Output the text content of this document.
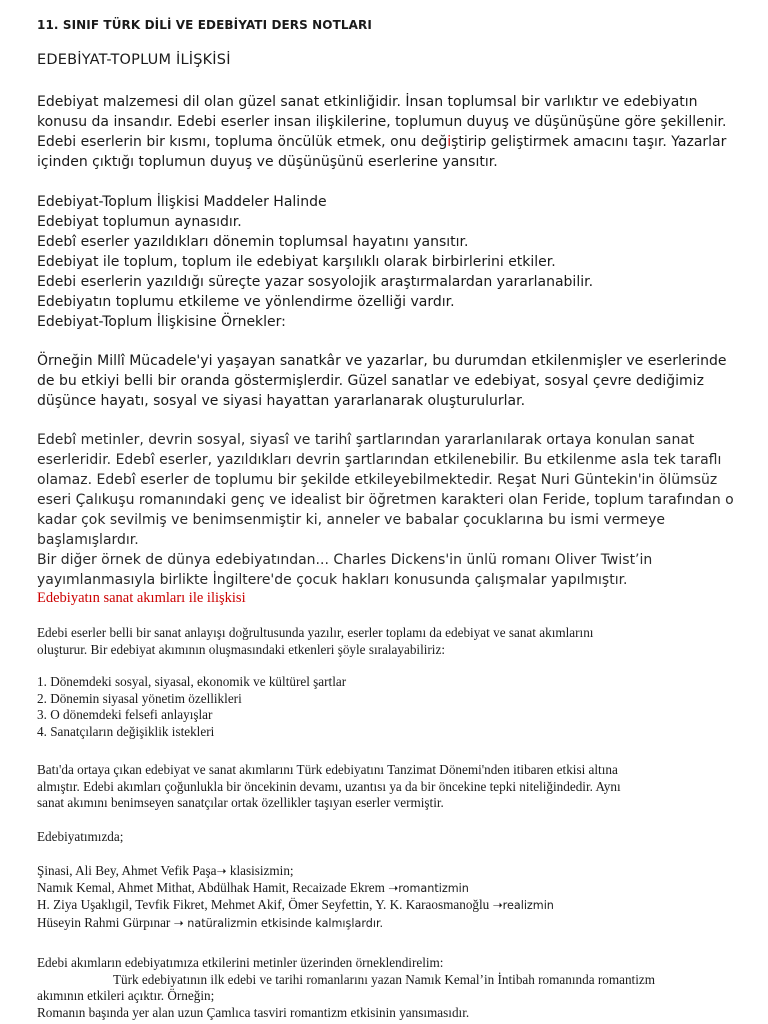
11. SINIF TÜRK DİLİ VE EDEBİYATI DERS NOTLARI
EDEBİYAT-TOPLUM İLİŞKİSİ
Edebiyat malzemesi dil olan güzel sanat etkinliğidir. İnsan toplumsal bir varlıktır ve edebiyatın
konusu da insandır. Edebi eserler insan ilişkilerine, toplumun duyuş ve düşünüşüne göre şekillenir.
Edebi eserlerin bir kısmı, topluma öncülük etmek, onu değiştirip geliştirmek amacını taşır. Yazarlar
içinden çıktığı toplumun duyuş ve düşünüşünü eserlerine yansıtır.
Edebiyat-Toplum İlişkisi Maddeler Halinde
Edebiyat toplumun aynasıdır.
Edebî eserler yazıldıkları dönemin toplumsal hayatını yansıtır.
Edebiyat ile toplum, toplum ile edebiyat karşılıklı olarak birbirlerini etkiler.
Edebi eserlerin yazıldığı süreçte yazar sosyolojik araştırmalardan yararlanabilir.
Edebiyatın toplumu etkileme ve yönlendirme özelliği vardır.
Edebiyat-Toplum İlişkisine Örnekler:
Örneğin Millî Mücadele'yi yaşayan sanatkâr ve yazarlar, bu durumdan etkilenmişler ve eserlerinde
de bu etkiyi belli bir oranda göstermişlerdir. Güzel sanatlar ve edebiyat, sosyal çevre dediğimiz
düşünce hayatı, sosyal ve siyasi hayattan yararlanarak oluşturulurlar.
Edebî metinler, devrin sosyal, siyasî ve tarihî şartlarından yararlanılarak ortaya konulan sanat
eserleridir. Edebî eserler, yazıldıkları devrin şartlarından etkilenebilir. Bu etkilenme asla tek taraflı
olamaz. Edebî eserler de toplumu bir şekilde etkileyebilmektedir. Reşat Nuri Güntekin'in ölümsüz
eseri Çalıkuşu romanındaki genç ve idealist bir öğretmen karakteri olan Feride, toplum tarafından o
kadar çok sevilmiş ve benimsenmiştir ki, anneler ve babalar çocuklarına bu ismi vermeye
başlamışlardır.
Bir diğer örnek de dünya edebiyatından... Charles Dickens'in ünlü romanı Oliver Twist’in
yayımlanmasıyla birlikte İngiltere'de çocuk hakları konusunda çalışmalar yapılmıştır.
Edebiyatın sanat akımları ile ilişkisi
Edebi eserler belli bir sanat anlayışı doğrultusunda yazılır, eserler toplamı da edebiyat ve sanat akımlarını
oluşturur. Bir edebiyat akımının oluşmasındaki etkenleri şöyle sıralayabiliriz:
1. Dönemdeki sosyal, siyasal, ekonomik ve kültürel şartlar
2. Dönemin siyasal yönetim özellikleri
3. O dönemdeki felsefi anlayışlar
4. Sanatçıların değişiklik istekleri
Batı'da ortaya çıkan edebiyat ve sanat akımlarını Türk edebiyatını Tanzimat Dönemi'nden itibaren etkisi altına
almıştır. Edebi akımları çoğunlukla bir öncekinin devamı, uzantısı ya da bir öncekine tepki niteliğindedir. Aynı
sanat akımını benimseyen sanatçılar ortak özellikler taşıyan eserler vermiştir.
Edebiyatımızda;
Şinasi, Ali Bey, Ahmet Vefik Paşa➝ klasisizmin;
Namık Kemal, Ahmet Mithat, Abdülhak Hamit, Recaizade Ekrem ➝romantizmin
H. Ziya Uşaklıgil, Tevfik Fikret, Mehmet Akif, Ömer Seyfettin, Y. K. Karaosmanoğlu ➝realizmin
Hüseyin Rahmi Gürpınar ➝ natüralizmin etkisinde kalmışlardır.
Edebi akımların edebiyatımıza etkilerini metinler üzerinden örneklendirelim:
Türk edebiyatının ilk edebi ve tarihi romanlarını yazan Namık Kemal’in İntibah romanında romantizm
akımının etkileri açıktır. Örneğin;
Romanın başında yer alan uzun Çamlıca tasviri romantizm etkisinin yansımasıdır.
